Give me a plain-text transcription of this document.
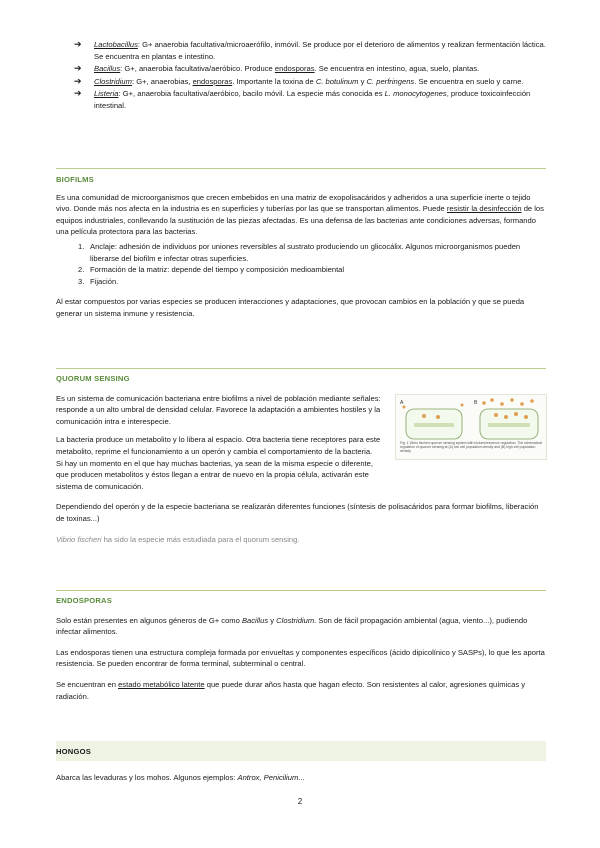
➔ Lactobacillus: G+ anaerobia facultativa/microaerófilo, inmóvil. Se produce por el deterioro de alimentos y realizan fermentación láctica. Se encuentra en plantas e intestino.
➔ Bacillus: G+, anaerobia facultativa/aeróbico. Produce endosporas. Se encuentra en intestino, agua, suelo, plantas.
➔ Clostridium: G+, anaerobias, endosporas. Importante la toxina de C. botulinum y C. perfringens. Se encuentra en suelo y carne.
➔ Listeria: G+, anaerobia facultativa/aeróbico, bacilo móvil. La especie más conocida es L. monocytogenes, produce toxicoinfección intestinal.
BIOFILMS

Es una comunidad de microorganismos que crecen embebidos en una matriz de exopolisacáridos y adheridos a una superficie inerte o tejido vivo. Donde más nos afecta en la industria es en superficies y tuberías por las que se transportan alimentos. Puede resistir la desinfección de los equipos industriales, conllevando la sustitución de las piezas afectadas. Es una defensa de las bacterias ante condiciones adversas, formando una película protectora para las bacterias.

1. Anclaje: adhesión de individuos por uniones reversibles al sustrato produciendo un glicocálix. Algunos microorganismos pueden liberarse del biofilm e infectar otras superficies.
2. Formación de la matriz: depende del tiempo y composición medioambiental
3. Fijación.

Al estar compuestos por varias especies se producen interacciones y adaptaciones, que provocan cambios en la población y que se pueda generar un sistema inmune y resistencia.

QUORUM SENSING

Es un sistema de comunicación bacteriana entre biofilms a nivel de población mediante señales: responde a un alto umbral de densidad celular. Favorece la adaptación a ambientes hostiles y la comunicación intra e interespecie.

La bacteria produce un metabolito y lo libera al espacio. Otra bacteria tiene receptores para este metabolito, reprime el funcionamiento a un operón y cambia el comportamiento de la bacteria. Si hay un momento en el que hay muchas bacterias, ya sean de la misma especie o diferente, que producen metabolitos y éstos llegan a entrar de nuevo en la propia célula, activarán este sistema de comunicación.

Dependiendo del operón y de la especie bacteriana se realizarán diferentes funciones (síntesis de polisacáridos para formar biofilms, liberación de toxinas...)

Vibrio fischeri ha sido la especie más estudiada para el quorum sensing.

A	B
Fig. 1 Vibrio fischeri quorum sensing system with bioluminescence regulation. The schematical regulation of quorum sensing at (A) low cell population density and (B) high cell population density.
ENDOSPORAS

Solo están presentes en algunos géneros de G+ como Bacillus y Clostridium. Son de fácil propagación ambiental (agua, viento...), pudiendo infectar alimentos.

Las endosporas tienen una estructura compleja formada por envueltas y componentes específicos (ácido dipicolínico y SASPs), lo que les aporta resistencia. Se pueden encontrar de forma terminal, subterminal o central.

Se encuentran en estado metabólico latente que puede durar años hasta que hagan efecto. Son resistentes al calor, agresiones químicas y radiación.

HONGOS

Abarca las levaduras y los mohos. Algunos ejemplos: Antrox, Penicilium...

2
